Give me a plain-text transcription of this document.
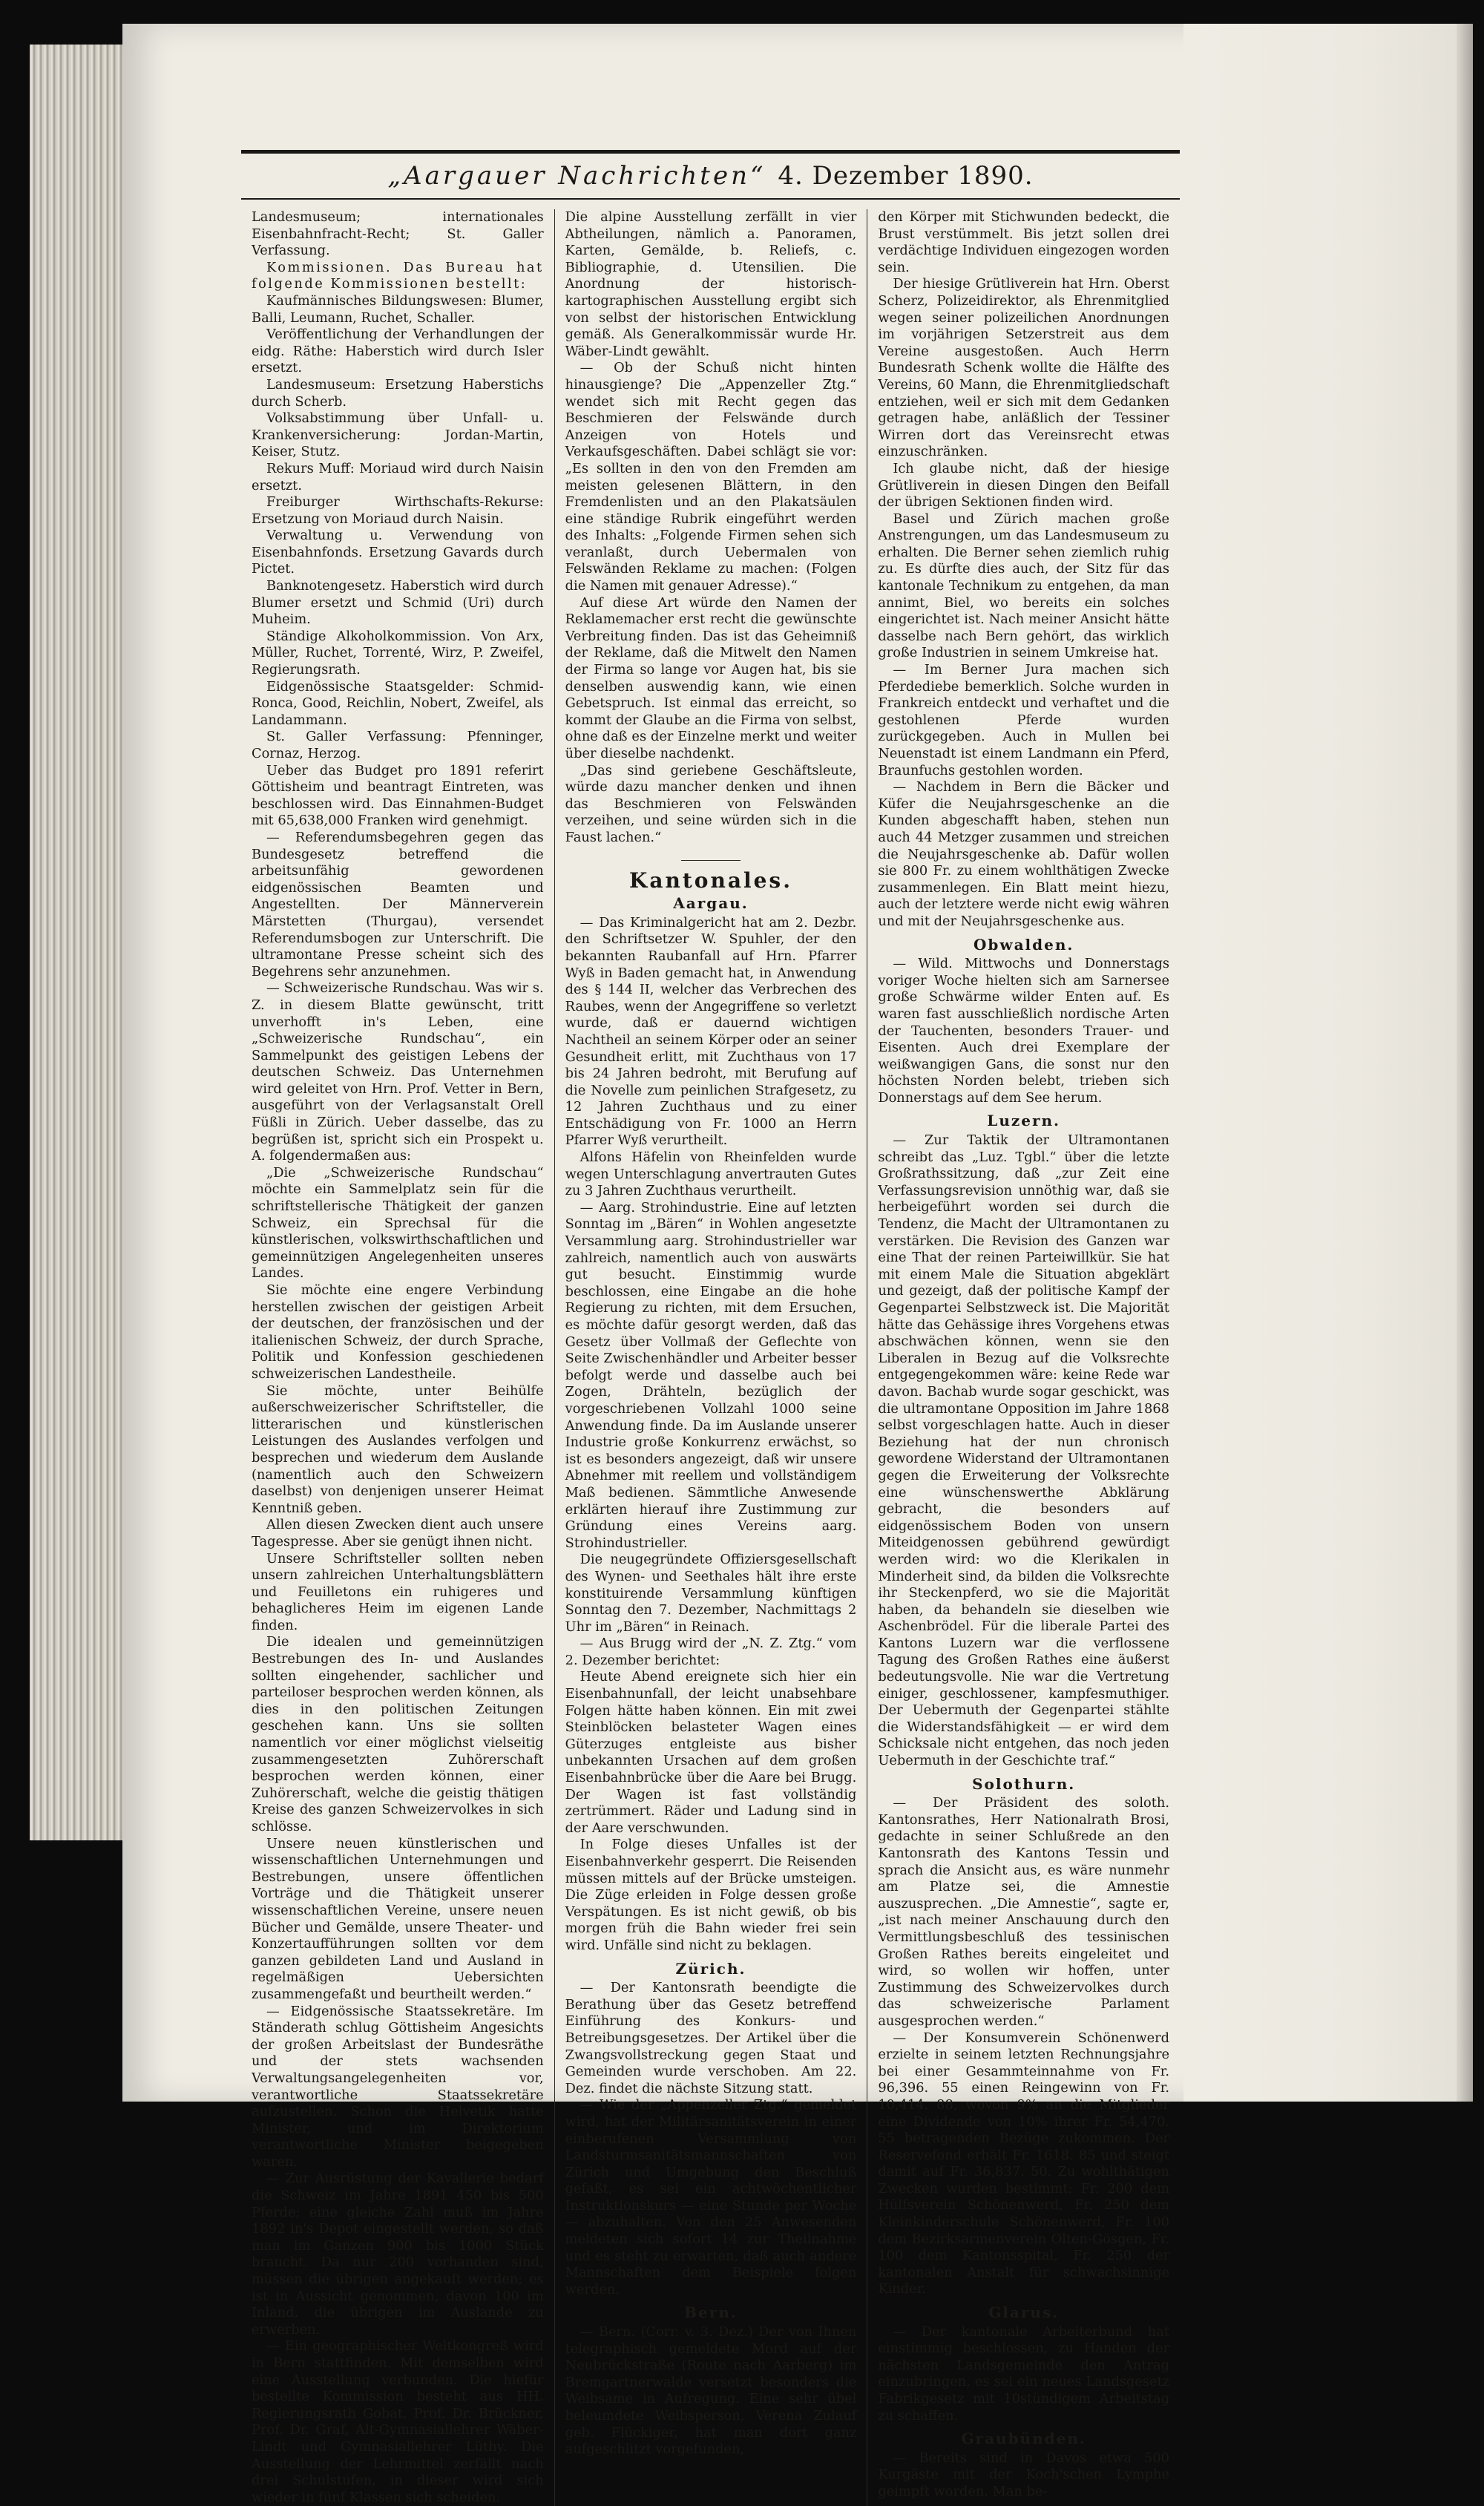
„Aargauer Nachrichten“ 4. Dezember 1890.

Landesmuseum; internationales Eisenbahnfracht-Recht; St. Galler Verfassung.

Kommissionen. Das Bureau hat folgende Kommissionen bestellt:

Kaufmännisches Bildungswesen: Blumer, Balli, Leumann, Ruchet, Schaller.

Veröffentlichung der Verhandlungen der eidg. Räthe: Haberstich wird durch Isler ersetzt.

Landesmuseum: Ersetzung Haberstichs durch Scherb.

Volksabstimmung über Unfall- u. Krankenversicherung: Jordan-Martin, Keiser, Stutz.

Rekurs Muff: Moriaud wird durch Naisin ersetzt.

Freiburger Wirthschafts-Rekurse: Ersetzung von Moriaud durch Naisin.

Verwaltung u. Verwendung von Eisenbahnfonds. Ersetzung Gavards durch Pictet.

Banknotengesetz. Haberstich wird durch Blumer ersetzt und Schmid (Uri) durch Muheim.

Ständige Alkoholkommission. Von Arx, Müller, Ruchet, Torrenté, Wirz, P. Zweifel, Regierungsrath.

Eidgenössische Staatsgelder: Schmid-Ronca, Good, Reichlin, Nobert, Zweifel, als Landammann.

St. Galler Verfassung: Pfenninger, Cornaz, Herzog.

Ueber das Budget pro 1891 referirt Göttisheim und beantragt Eintreten, was beschlossen wird. Das Einnahmen-Budget mit 65,638,000 Franken wird genehmigt.

— Referendumsbegehren gegen das Bundesgesetz betreffend die arbeitsunfähig gewordenen eidgenössischen Beamten und Angestellten. Der Männerverein Märstetten (Thurgau), versendet Referendumsbogen zur Unterschrift. Die ultramontane Presse scheint sich des Begehrens sehr anzunehmen.

— Schweizerische Rundschau. Was wir s. Z. in diesem Blatte gewünscht, tritt unverhofft in's Leben, eine „Schweizerische Rundschau“, ein Sammelpunkt des geistigen Lebens der deutschen Schweiz. Das Unternehmen wird geleitet von Hrn. Prof. Vetter in Bern, ausgeführt von der Verlagsanstalt Orell Füßli in Zürich. Ueber dasselbe, das zu begrüßen ist, spricht sich ein Prospekt u. A. folgendermaßen aus:

„Die „Schweizerische Rundschau“ möchte ein Sammelplatz sein für die schriftstellerische Thätigkeit der ganzen Schweiz, ein Sprechsal für die künstlerischen, volkswirthschaftlichen und gemeinnützigen Angelegenheiten unseres Landes.

Sie möchte eine engere Verbindung herstellen zwischen der geistigen Arbeit der deutschen, der französischen und der italienischen Schweiz, der durch Sprache, Politik und Konfession geschiedenen schweizerischen Landestheile.

Sie möchte, unter Beihülfe außerschweizerischer Schriftsteller, die litterarischen und künstlerischen Leistungen des Auslandes verfolgen und besprechen und wiederum dem Auslande (namentlich auch den Schweizern daselbst) von denjenigen unserer Heimat Kenntniß geben.

Allen diesen Zwecken dient auch unsere Tagespresse. Aber sie genügt ihnen nicht.

Unsere Schriftsteller sollten neben unsern zahlreichen Unterhaltungsblättern und Feuilletons ein ruhigeres und behaglicheres Heim im eigenen Lande finden.

Die idealen und gemeinnützigen Bestrebungen des In- und Auslandes sollten eingehender, sachlicher und parteiloser besprochen werden können, als dies in den politischen Zeitungen geschehen kann. Uns sie sollten namentlich vor einer möglichst vielseitig zusammengesetzten Zuhörerschaft besprochen werden können, einer Zuhörerschaft, welche die geistig thätigen Kreise des ganzen Schweizervolkes in sich schlösse.

Unsere neuen künstlerischen und wissenschaftlichen Unternehmungen und Bestrebungen, unsere öffentlichen Vorträge und die Thätigkeit unserer wissenschaftlichen Vereine, unsere neuen Bücher und Gemälde, unsere Theater- und Konzertaufführungen sollten vor dem ganzen gebildeten Land und Ausland in regelmäßigen Uebersichten zusammengefaßt und beurtheilt werden.“

— Eidgenössische Staatssekretäre. Im Ständerath schlug Göttisheim Angesichts der großen Arbeitslast der Bundesräthe und der stets wachsenden Verwaltungsangelegenheiten vor, verantwortliche Staatssekretäre aufzustellen. Schon die Helvetik hatte Minister, und im Direktorium verantwortliche Minister beigegeben waren.

— Zur Ausrüstung der Kavallerie bedarf die Schweiz im Jahre 1891 450 bis 500 Pferde; eine gleiche Zahl muß im Jahre 1892 in's Depot eingestellt werden, so daß man im Ganzen 900 bis 1000 Stück braucht. Da nur 200 vorhanden sind, müssen die übrigen angekauft werden; es ist in Aussicht genommen, davon 100 im Inland, die übrigen im Auslande zu erwerben.

— Ein geographischer Weltkongreß wird in Bern stattfinden. Mit demselben wird eine Ausstellung verbunden. Die hiefür bestellte Kommission besteht aus HH. Regierungsrath Gobat, Prof. Dr. Brückner, Prof. Dr. Graf, Alt-Gymnasiallehrer Wäber-Lindt und Gymnasiallehrer Lüthy. Die Ausstellung der Lehrmittel zerfällt nach drei Schulstufen, in dieser wird sich wieder in fünf Klassen sich scheiden.

Die alpine Ausstellung zerfällt in vier Abtheilungen, nämlich a. Panoramen, Karten, Gemälde, b. Reliefs, c. Bibliographie, d. Utensilien. Die Anordnung der historisch-kartographischen Ausstellung ergibt sich von selbst der historischen Entwicklung gemäß. Als Generalkommissär wurde Hr. Wäber-Lindt gewählt.

— Ob der Schuß nicht hinten hinausgienge? Die „Appenzeller Ztg.“ wendet sich mit Recht gegen das Beschmieren der Felswände durch Anzeigen von Hotels und Verkaufsgeschäften. Dabei schlägt sie vor: „Es sollten in den von den Fremden am meisten gelesenen Blättern, in den Fremdenlisten und an den Plakatsäulen eine ständige Rubrik eingeführt werden des Inhalts: „Folgende Firmen sehen sich veranlaßt, durch Uebermalen von Felswänden Reklame zu machen: (Folgen die Namen mit genauer Adresse).“

Auf diese Art würde den Namen der Reklamemacher erst recht die gewünschte Verbreitung finden. Das ist das Geheimniß der Reklame, daß die Mitwelt den Namen der Firma so lange vor Augen hat, bis sie denselben auswendig kann, wie einen Gebetspruch. Ist einmal das erreicht, so kommt der Glaube an die Firma von selbst, ohne daß es der Einzelne merkt und weiter über dieselbe nachdenkt.

„Das sind geriebene Geschäftsleute, würde dazu mancher denken und ihnen das Beschmieren von Felswänden verzeihen, und seine würden sich in die Faust lachen.“

Kantonales.
Aargau.

— Das Kriminalgericht hat am 2. Dezbr. den Schriftsetzer W. Spuhler, der den bekannten Raubanfall auf Hrn. Pfarrer Wyß in Baden gemacht hat, in Anwendung des § 144 II, welcher das Verbrechen des Raubes, wenn der Angegriffene so verletzt wurde, daß er dauernd wichtigen Nachtheil an seinem Körper oder an seiner Gesundheit erlitt, mit Zuchthaus von 17 bis 24 Jahren bedroht, mit Berufung auf die Novelle zum peinlichen Strafgesetz, zu 12 Jahren Zuchthaus und zu einer Entschädigung von Fr. 1000 an Herrn Pfarrer Wyß verurtheilt.

Alfons Häfelin von Rheinfelden wurde wegen Unterschlagung anvertrauten Gutes zu 3 Jahren Zuchthaus verurtheilt.

— Aarg. Strohindustrie. Eine auf letzten Sonntag im „Bären“ in Wohlen angesetzte Versammlung aarg. Strohindustrieller war zahlreich, namentlich auch von auswärts gut besucht. Einstimmig wurde beschlossen, eine Eingabe an die hohe Regierung zu richten, mit dem Ersuchen, es möchte dafür gesorgt werden, daß das Gesetz über Vollmaß der Geflechte von Seite Zwischenhändler und Arbeiter besser befolgt werde und dasselbe auch bei Zogen, Drähteln, bezüglich der vorgeschriebenen Vollzahl 1000 seine Anwendung finde. Da im Auslande unserer Industrie große Konkurrenz erwächst, so ist es besonders angezeigt, daß wir unsere Abnehmer mit reellem und vollständigem Maß bedienen. Sämmtliche Anwesende erklärten hierauf ihre Zustimmung zur Gründung eines Vereins aarg. Strohindustrieller.

Die neugegründete Offiziersgesellschaft des Wynen- und Seethales hält ihre erste konstituirende Versammlung künftigen Sonntag den 7. Dezember, Nachmittags 2 Uhr im „Bären“ in Reinach.

— Aus Brugg wird der „N. Z. Ztg.“ vom 2. Dezember berichtet:

Heute Abend ereignete sich hier ein Eisenbahnunfall, der leicht unabsehbare Folgen hätte haben können. Ein mit zwei Steinblöcken belasteter Wagen eines Güterzuges entgleiste aus bisher unbekannten Ursachen auf dem großen Eisenbahnbrücke über die Aare bei Brugg. Der Wagen ist fast vollständig zertrümmert. Räder und Ladung sind in der Aare verschwunden.

In Folge dieses Unfalles ist der Eisenbahnverkehr gesperrt. Die Reisenden müssen mittels auf der Brücke umsteigen. Die Züge erleiden in Folge dessen große Verspätungen. Es ist nicht gewiß, ob bis morgen früh die Bahn wieder frei sein wird. Unfälle sind nicht zu beklagen.

Zürich.

— Der Kantonsrath beendigte die Berathung über das Gesetz betreffend Einführung des Konkurs- und Betreibungsgesetzes. Der Artikel über die Zwangsvollstreckung gegen Staat und Gemeinden wurde verschoben. Am 22. Dez. findet die nächste Sitzung statt.

— Wie der „Appenzeller Ztg.“ gemeldet wird, hat der Militärsanitätsverein in einer einberufenen Versammlung von Landsturmsanitätsmannschaften von Zürich und Umgebung den Beschluß gefaßt, es sei ein achtwöchentlicher Instruktionskurs — eine Stunde per Woche — abzuhalten. Von den 25 Anwesenden meldeten sich sofort 14 zur Theilnahme und es steht zu erwarten, daß auch andere Mannschaften dem Beispiele folgen werden.

Bern.

— Bern. (Corr. v. 3. Dez.) Der von Ihnen telegraphisch gemeldete Mord auf der Neubrückstraße (Route nach Aarberg) im Bremgartnerwalde versetzt besonders die Weibsame in Aufregung. Eine sehr übel beleumdete Weibsperson, Verena Zulauf geb. Flückiger, hat man dort ganz aufgeschlitzt vorgefunden,

den Körper mit Stichwunden bedeckt, die Brust verstümmelt. Bis jetzt sollen drei verdächtige Individuen eingezogen worden sein.

Der hiesige Grütliverein hat Hrn. Oberst Scherz, Polizeidirektor, als Ehrenmitglied wegen seiner polizeilichen Anordnungen im vorjährigen Setzerstreit aus dem Vereine ausgestoßen. Auch Herrn Bundesrath Schenk wollte die Hälfte des Vereins, 60 Mann, die Ehrenmitgliedschaft entziehen, weil er sich mit dem Gedanken getragen habe, anläßlich der Tessiner Wirren dort das Vereinsrecht etwas einzuschränken.

Ich glaube nicht, daß der hiesige Grütliverein in diesen Dingen den Beifall der übrigen Sektionen finden wird.

Basel und Zürich machen große Anstrengungen, um das Landesmuseum zu erhalten. Die Berner sehen ziemlich ruhig zu. Es dürfte dies auch, der Sitz für das kantonale Technikum zu entgehen, da man annimt, Biel, wo bereits ein solches eingerichtet ist. Nach meiner Ansicht hätte dasselbe nach Bern gehört, das wirklich große Industrien in seinem Umkreise hat.

— Im Berner Jura machen sich Pferdediebe bemerklich. Solche wurden in Frankreich entdeckt und verhaftet und die gestohlenen Pferde wurden zurückgegeben. Auch in Mullen bei Neuenstadt ist einem Landmann ein Pferd, Braunfuchs gestohlen worden.

— Nachdem in Bern die Bäcker und Küfer die Neujahrsgeschenke an die Kunden abgeschafft haben, stehen nun auch 44 Metzger zusammen und streichen die Neujahrsgeschenke ab. Dafür wollen sie 800 Fr. zu einem wohlthätigen Zwecke zusammenlegen. Ein Blatt meint hiezu, auch der letztere werde nicht ewig währen und mit der Neujahrsgeschenke aus.

Obwalden.

— Wild. Mittwochs und Donnerstags voriger Woche hielten sich am Sarnersee große Schwärme wilder Enten auf. Es waren fast ausschließlich nordische Arten der Tauchenten, besonders Trauer- und Eisenten. Auch drei Exemplare der weißwangigen Gans, die sonst nur den höchsten Norden belebt, trieben sich Donnerstags auf dem See herum.

Luzern.

— Zur Taktik der Ultramontanen schreibt das „Luz. Tgbl.“ über die letzte Großrathssitzung, daß „zur Zeit eine Verfassungsrevision unnöthig war, daß sie herbeigeführt worden sei durch die Tendenz, die Macht der Ultramontanen zu verstärken. Die Revision des Ganzen war eine That der reinen Parteiwillkür. Sie hat mit einem Male die Situation abgeklärt und gezeigt, daß der politische Kampf der Gegenpartei Selbstzweck ist. Die Majorität hätte das Gehässige ihres Vorgehens etwas abschwächen können, wenn sie den Liberalen in Bezug auf die Volksrechte entgegengekommen wäre: keine Rede war davon. Bachab wurde sogar geschickt, was die ultramontane Opposition im Jahre 1868 selbst vorgeschlagen hatte. Auch in dieser Beziehung hat der nun chronisch gewordene Widerstand der Ultramontanen gegen die Erweiterung der Volksrechte eine wünschenswerthe Abklärung gebracht, die besonders auf eidgenössischem Boden von unsern Miteidgenossen gebührend gewürdigt werden wird: wo die Klerikalen in Minderheit sind, da bilden die Volksrechte ihr Steckenpferd, wo sie die Majorität haben, da behandeln sie dieselben wie Aschenbrödel. Für die liberale Partei des Kantons Luzern war die verflossene Tagung des Großen Rathes eine äußerst bedeutungsvolle. Nie war die Vertretung einiger, geschlossener, kampfesmuthiger. Der Uebermuth der Gegenpartei stählte die Widerstandsfähigkeit — er wird dem Schicksale nicht entgehen, das noch jeden Uebermuth in der Geschichte traf.“

Solothurn.

— Der Präsident des soloth. Kantonsrathes, Herr Nationalrath Brosi, gedachte in seiner Schlußrede an den Kantonsrath des Kantons Tessin und sprach die Ansicht aus, es wäre nunmehr am Platze sei, die Amnestie auszusprechen. „Die Amnestie“, sagte er, „ist nach meiner Anschauung durch den Vermittlungsbeschluß des tessinischen Großen Rathes bereits eingeleitet und wird, so wollen wir hoffen, unter Zustimmung des Schweizervolkes durch das schweizerische Parlament ausgesprochen werden.“

— Der Konsumverein Schönenwerd erzielte in seinem letzten Rechnungsjahre bei einer Gesammteinnahme von Fr. 96,396. 55 einen Reingewinn von Fr. 10,414. 88, wovon 9% an die Mitglieder eine Dividende von 10% ihrer Fr. 54,470. 55 betragenden Bezüge zukommen. Der Reservefond erhält Fr. 1618. 85 und steigt damit auf Fr. 36,837. 50. Zu wohlthätigen Zwecken wurden bestimmt: Fr. 200 dem Hülfsverein Schönenwerd, Fr. 250 dem Kleinkinderschule Schönenwerd, Fr. 100 dem Bezirksarmenverein Olten-Gösgen, Fr. 100 dem Kantonsspital, Fr. 250 der kantonalen Anstalt für schwachsinnige Kinder.

Glarus.

— Der kantonale Arbeiterbund hat einstimmig beschlossen, zu Handen der nächsten Landsgemeinde den Antrag einzubringen, es sei ein neues Landsgesetz Fabrikgesetz mit 10stündigem Arbeitstag zu schaffen.

Graubünden.

— Bereits sind in Davos etwa 500 Kurgäste mit der Koch'schen Lymphe geimpft worden. Man be-
